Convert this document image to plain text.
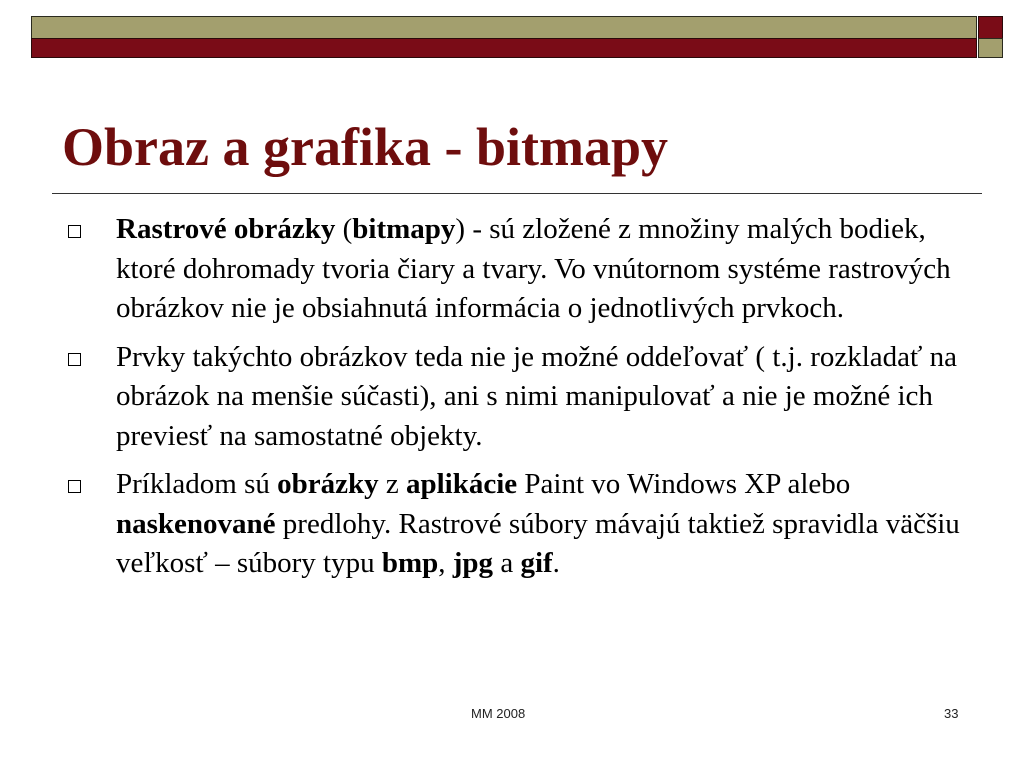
Obraz a grafika - bitmapy
Rastrové obrázky (bitmapy) - sú zložené z množiny malých bodiek, ktoré dohromady tvoria čiary a tvary. Vo vnútornom systéme rastrových obrázkov nie je obsiahnutá informácia o jednotlivých prvkoch.
Prvky takýchto obrázkov teda nie je možné oddeľovať ( t.j. rozkladať na obrázok na menšie súčasti), ani s nimi manipulovať a nie je možné ich previesť na samostatné objekty.
Príkladom sú obrázky z aplikácie Paint vo Windows XP alebo naskenované predlohy. Rastrové súbory mávajú taktiež spravidla väčšiu veľkosť – súbory typu bmp, jpg a gif.
MM 2008	33
